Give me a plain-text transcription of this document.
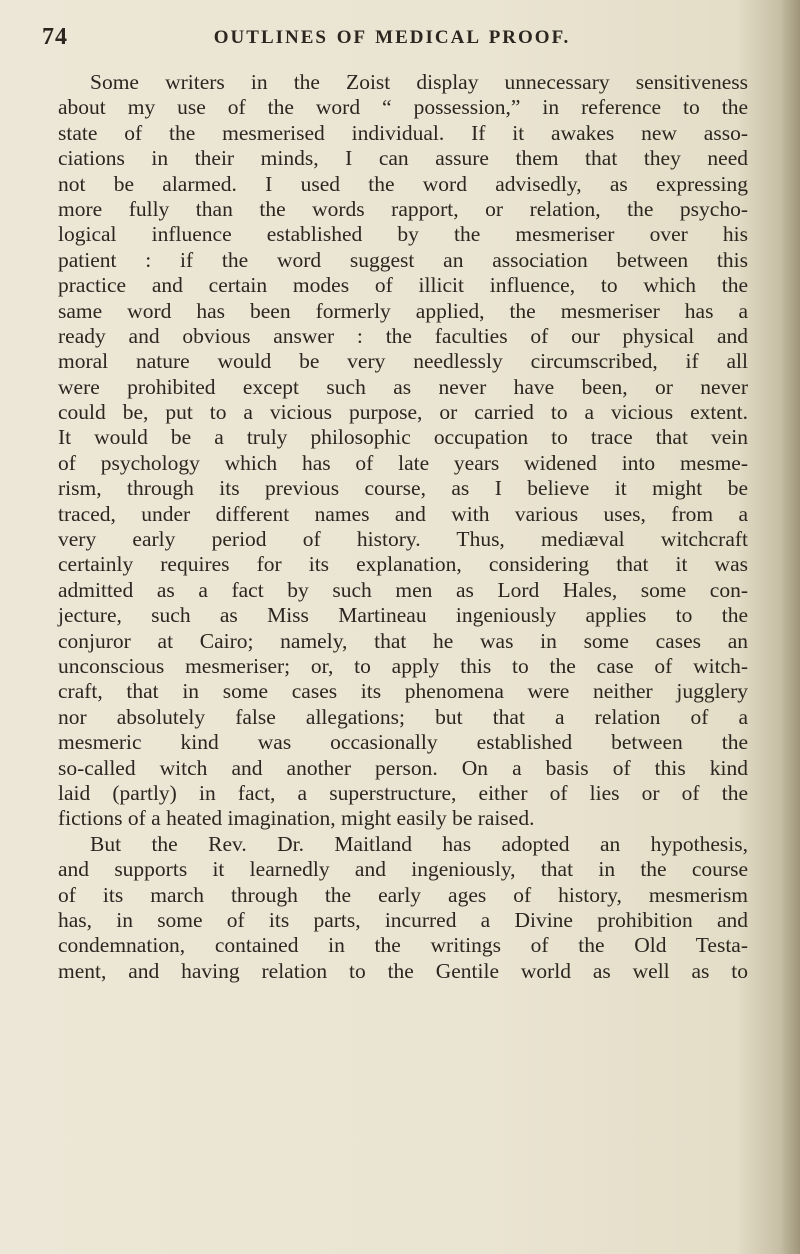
74	OUTLINES OF MEDICAL PROOF.
Some writers in the Zoist display unnecessary sensitiveness
about my use of the word “ possession,” in reference to the
state of the mesmerised individual. If it awakes new asso-
ciations in their minds, I can assure them that they need
not be alarmed. I used the word advisedly, as expressing
more fully than the words rapport, or relation, the psycho-
logical influence established by the mesmeriser over his
patient : if the word suggest an association between this
practice and certain modes of illicit influence, to which the
same word has been formerly applied, the mesmeriser has a
ready and obvious answer : the faculties of our physical and
moral nature would be very needlessly circumscribed, if all
were prohibited except such as never have been, or never
could be, put to a vicious purpose, or carried to a vicious extent.
It would be a truly philosophic occupation to trace that vein
of psychology which has of late years widened into mesme-
rism, through its previous course, as I believe it might be
traced, under different names and with various uses, from a
very early period of history. Thus, mediæval witchcraft
certainly requires for its explanation, considering that it was
admitted as a fact by such men as Lord Hales, some con-
jecture, such as Miss Martineau ingeniously applies to the
conjuror at Cairo; namely, that he was in some cases an
unconscious mesmeriser; or, to apply this to the case of witch-
craft, that in some cases its phenomena were neither jugglery
nor absolutely false allegations; but that a relation of a
mesmeric kind was occasionally established between the
so-called witch and another person. On a basis of this kind
laid (partly) in fact, a superstructure, either of lies or of the
fictions of a heated imagination, might easily be raised.
But the Rev. Dr. Maitland has adopted an hypothesis,
and supports it learnedly and ingeniously, that in the course
of its march through the early ages of history, mesmerism
has, in some of its parts, incurred a Divine prohibition and
condemnation, contained in the writings of the Old Testa-
ment, and having relation to the Gentile world as well as to
